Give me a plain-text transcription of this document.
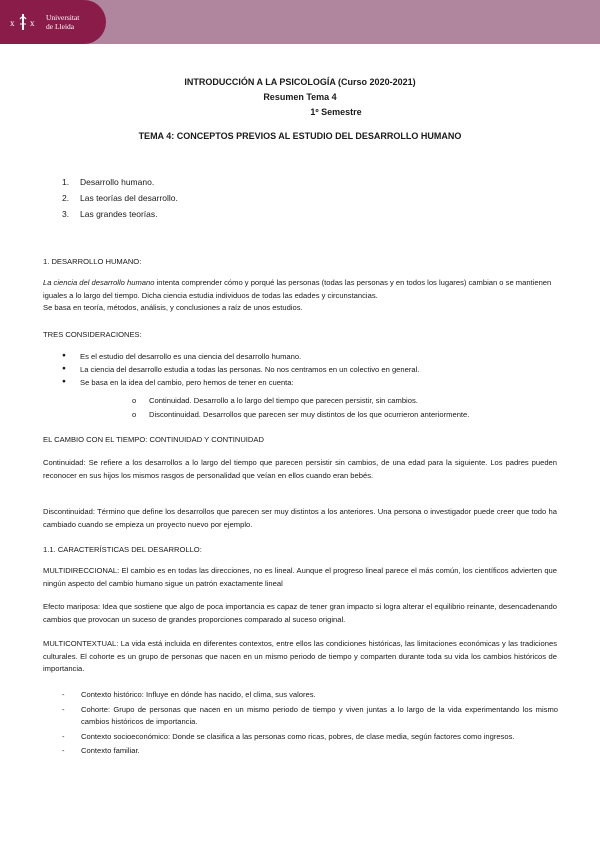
x x
Universitat
de Lleida
INTRODUCCIÓN A LA PSICOLOGÍA (Curso 2020-2021)
Resumen Tema 4
1º Semestre
TEMA 4: CONCEPTOS PREVIOS AL ESTUDIO DEL DESARROLLO HUMANO
1. Desarrollo humano.
2. Las teorías del desarrollo.
3. Las grandes teorías.
1. DESARROLLO HUMANO:
La ciencia del desarrollo humano intenta comprender cómo y porqué las personas (todas las personas y en todos los lugares) cambian o se mantienen iguales a lo largo del tiempo. Dicha ciencia estudia individuos de todas las edades y circunstancias.
Se basa en teoría, métodos, análisis, y conclusiones a raíz de unos estudios.
TRES CONSIDERACIONES:
● Es el estudio del desarrollo es una ciencia del desarrollo humano.
● La ciencia del desarrollo estudia a todas las personas. No nos centramos en un colectivo en general.
● Se basa en la idea del cambio, pero hemos de tener en cuenta:
o Continuidad. Desarrollo a lo largo del tiempo que parecen persistir, sin cambios.
o Discontinuidad. Desarrollos que parecen ser muy distintos de los que ocurrieron anteriormente.
EL CAMBIO CON EL TIEMPO: CONTINUIDAD Y CONTINUIDAD
Continuidad: Se refiere a los desarrollos a lo largo del tiempo que parecen persistir sin cambios, de una edad para la siguiente. Los padres pueden reconocer en sus hijos los mismos rasgos de personalidad que veían en ellos cuando eran bebés.
Discontinuidad: Término que define los desarrollos que parecen ser muy distintos a los anteriores. Una persona o investigador puede creer que todo ha cambiado cuando se empieza un proyecto nuevo por ejemplo.
1.1. CARACTERÍSTICAS DEL DESARROLLO:
MULTIDIRECCIONAL: El cambio es en todas las direcciones, no es lineal. Aunque el progreso lineal parece el más común, los científicos advierten que ningún aspecto del cambio humano sigue un patrón exactamente lineal
Efecto mariposa: Idea que sostiene que algo de poca importancia es capaz de tener gran impacto si logra alterar el equilibrio reinante, desencadenando cambios que provocan un suceso de grandes proporciones comparado al suceso original.
MULTICONTEXTUAL: La vida está incluida en diferentes contextos, entre ellos las condiciones históricas, las limitaciones económicas y las tradiciones culturales. El cohorte es un grupo de personas que nacen en un mismo periodo de tiempo y comparten durante toda su vida los cambios históricos de importancia.
- Contexto histórico: Influye en dónde has nacido, el clima, sus valores.
- Cohorte: Grupo de personas que nacen en un mismo periodo de tiempo y viven juntas a lo largo de la vida experimentando los mismo cambios históricos de importancia.
- Contexto socioeconómico: Donde se clasifica a las personas como ricas, pobres, de clase media, según factores como ingresos.
- Contexto familiar.
